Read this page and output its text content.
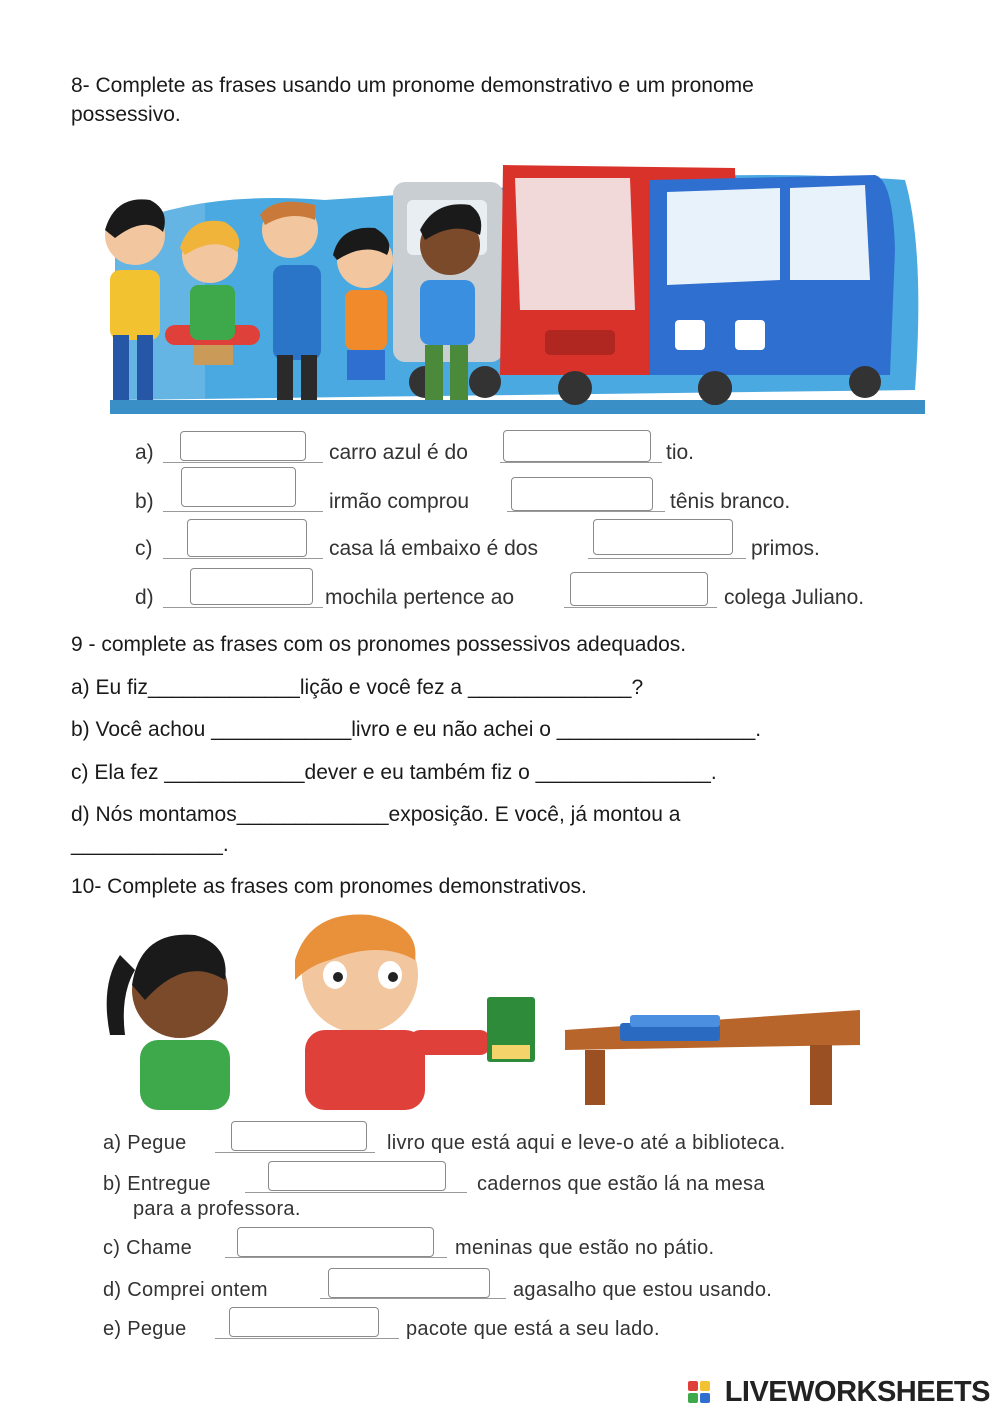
8- Complete as frases usando um pronome demonstrativo e um pronome
possessivo.
a)	carro azul é do	tio.
b)	irmão comprou	tênis branco.
c)	casa lá embaixo é dos	primos.
d)	mochila pertence ao	colega Juliano.
9 - complete as frases com os pronomes possessivos adequados.
a) Eu fiz_____________lição e você fez a ______________?
b) Você achou ____________livro e eu não achei o _________________.
c) Ela fez ____________dever e eu também fiz o _______________.
d) Nós montamos_____________exposição. E você, já montou a
_____________.
10- Complete as frases com pronomes demonstrativos.
a) Pegue	livro que está aqui e leve-o até a biblioteca.
b) Entregue	cadernos que estão lá na mesa
para a professora.
c) Chame	meninas que estão no pátio.
d) Comprei ontem	agasalho que estou usando.
e) Pegue	pacote que está a seu lado.
LIVEWORKSHEETS
